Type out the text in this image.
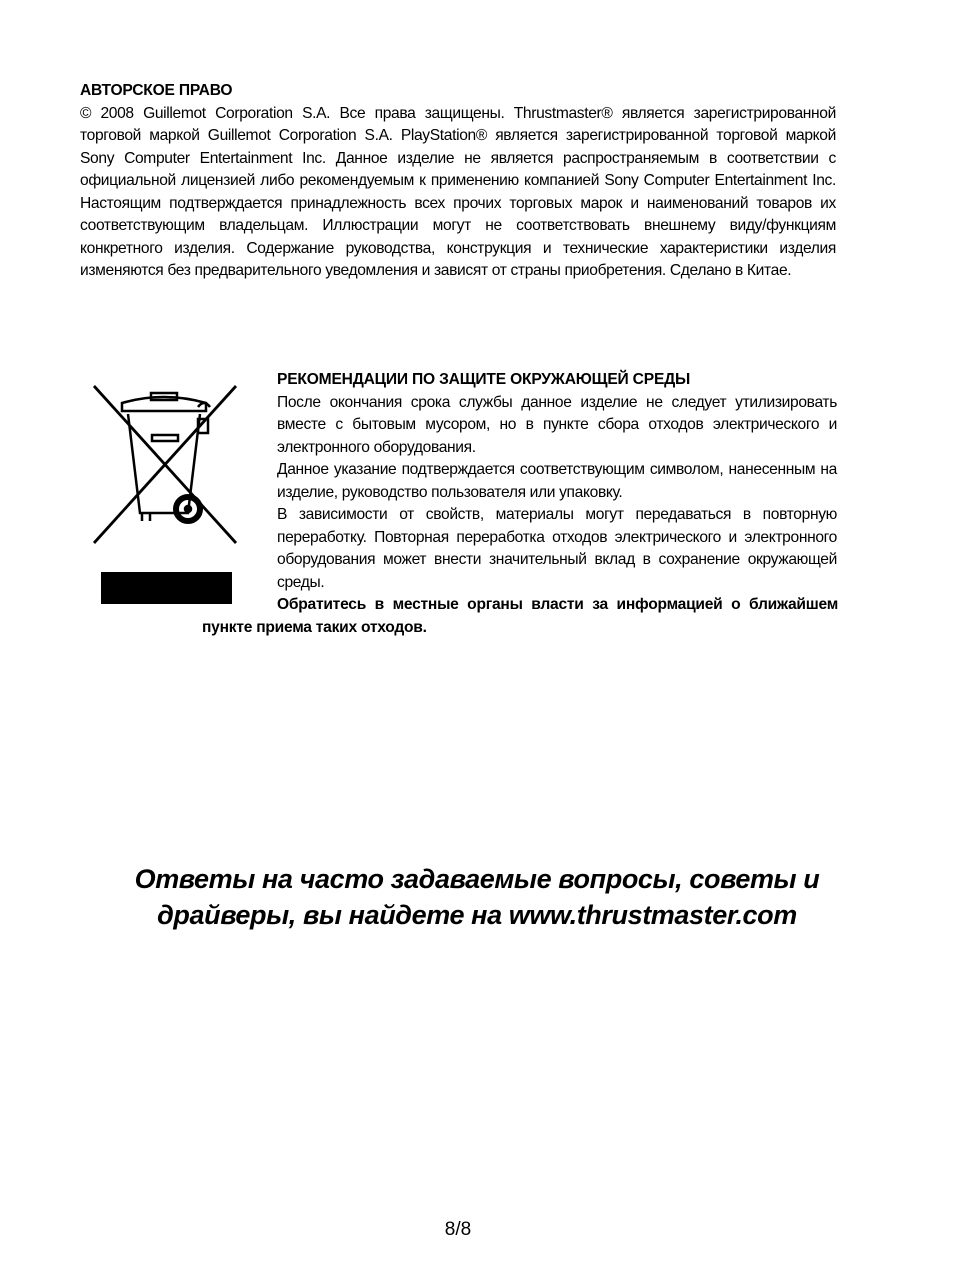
АВТОРСКОЕ ПРАВО
© 2008 Guillemot Corporation S.A. Все права защищены. Thrustmaster® является зарегистрированной торговой маркой Guillemot Corporation S.A. PlayStation® является зарегистрированной торговой маркой Sony Computer Entertainment Inc. Данное изделие не является распространяемым в соответствии с официальной лицензией либо рекомендуемым к применению компанией Sony Computer Entertainment Inc. Настоящим подтверждается принадлежность всех прочих торговых марок и наименований товаров их соответствующим владельцам. Иллюстрации могут не соответствовать внешнему виду/функциям конкретного изделия. Содержание руководства, конструкция и технические характеристики изделия изменяются без предварительного уведомления и зависят от страны приобретения. Сделано в Китае.
РЕКОМЕНДАЦИИ ПО ЗАЩИТЕ ОКРУЖАЮЩЕЙ СРЕДЫ

После окончания срока службы данное изделие не следует утилизировать вместе с бытовым мусором, но в пункте сбора отходов электрического и электронного оборудования.

Данное указание подтверждается соответствующим символом, нанесенным на изделие, руководство пользователя или упаковку.

В зависимости от свойств, материалы могут передаваться в повторную переработку. Повторная переработка отходов электрического и электронного оборудования может внести значительный вклад в сохранение окружающей среды.

Обратитесь в местные органы власти за информацией о ближайшем пункте приема таких отходов.
Ответы на часто задаваемые вопросы, советы и
драйверы, вы найдете на www.thrustmaster.com
8/8
